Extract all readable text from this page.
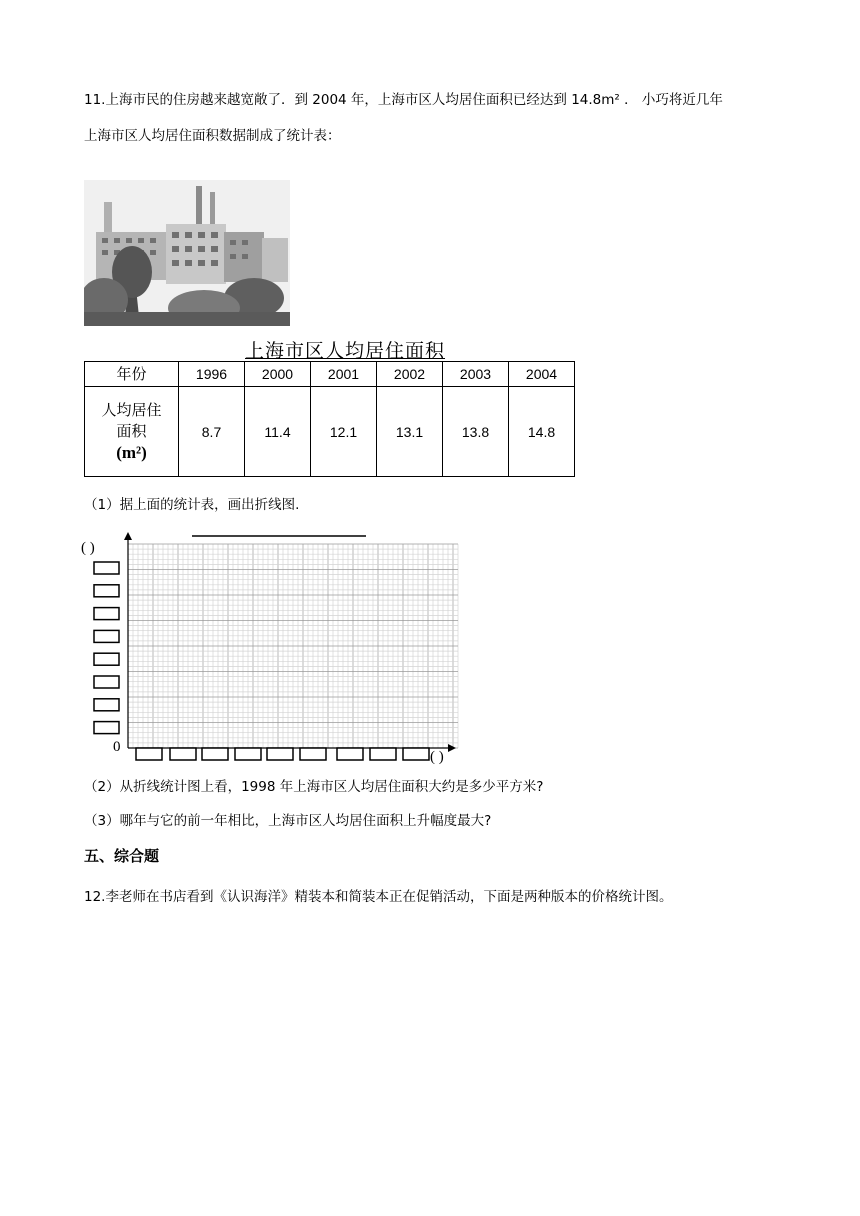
11.上海市民的住房越来越宽敞了．到 2004 年，上海市区人均居住面积已经达到 14.8m² ． 小巧将近几年
上海市区人均居住面积数据制成了统计表：
上海市区人均居住面积
年份	1996	2000	2001	2002	2003	2004

人均居住
面积
(m²)	8.7	11.4	12.1	13.1	13.8	14.8
（1）据上面的统计表，画出折线图.
( )
0
( )
（2）从折线统计图上看，1998 年上海市区人均居住面积大约是多少平方米?
（3）哪年与它的前一年相比，上海市区人均居住面积上升幅度最大?
五、综合题
12.李老师在书店看到《认识海洋》精装本和简装本正在促销活动，下面是两种版本的价格统计图。
